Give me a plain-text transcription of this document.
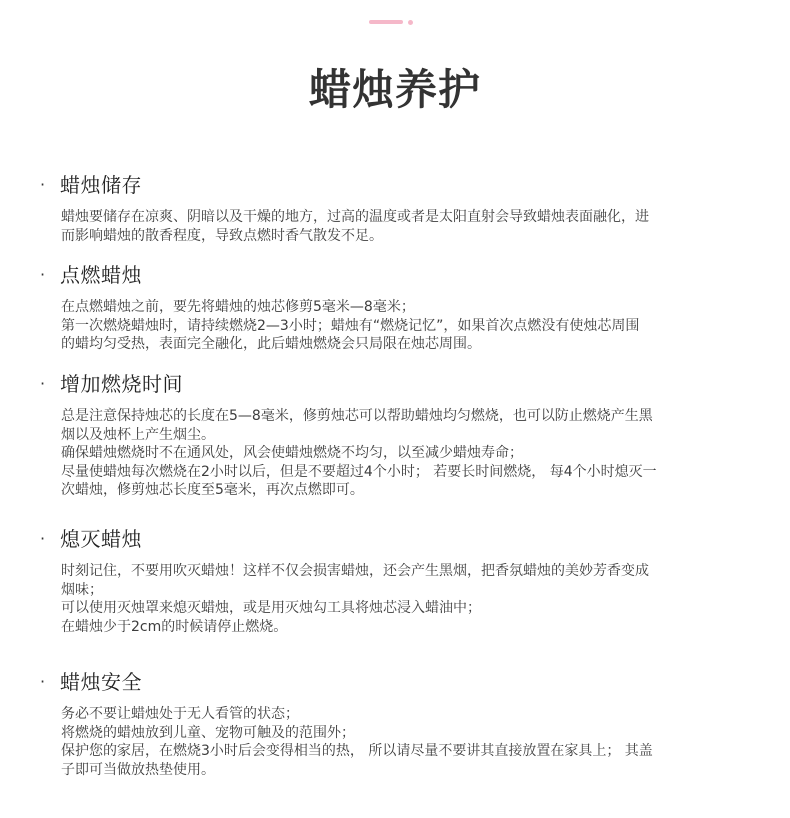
蜡烛养护
· 蜡烛储存
蜡烛要储存在凉爽、阴暗以及干燥的地方，过高的温度或者是太阳直射会导致蜡烛表面融化，进
而影响蜡烛的散香程度，导致点燃时香气散发不足。
· 点燃蜡烛
在点燃蜡烛之前，要先将蜡烛的烛芯修剪5毫米—8毫米；
第一次燃烧蜡烛时，请持续燃烧2—3小时；蜡烛有“燃烧记忆”，如果首次点燃没有使烛芯周围
的蜡均匀受热，表面完全融化，此后蜡烛燃烧会只局限在烛芯周围。
· 增加燃烧时间
总是注意保持烛芯的长度在5—8毫米，修剪烛芯可以帮助蜡烛均匀燃烧，也可以防止燃烧产生黑
烟以及烛杯上产生烟尘。
确保蜡烛燃烧时不在通风处，风会使蜡烛燃烧不均匀，以至减少蜡烛寿命；
尽量使蜡烛每次燃烧在2小时以后，但是不要超过4个小时； 若要长时间燃烧， 每4个小时熄灭一
次蜡烛，修剪烛芯长度至5毫米，再次点燃即可。
· 熄灭蜡烛
时刻记住，不要用吹灭蜡烛！这样不仅会损害蜡烛，还会产生黑烟，把香氛蜡烛的美妙芳香变成
烟味；
可以使用灭烛罩来熄灭蜡烛，或是用灭烛勾工具将烛芯浸入蜡油中；
在蜡烛少于2cm的时候请停止燃烧。
· 蜡烛安全
务必不要让蜡烛处于无人看管的状态；
将燃烧的蜡烛放到儿童、宠物可触及的范围外；
保护您的家居，在燃烧3小时后会变得相当的热， 所以请尽量不要讲其直接放置在家具上； 其盖
子即可当做放热垫使用。
